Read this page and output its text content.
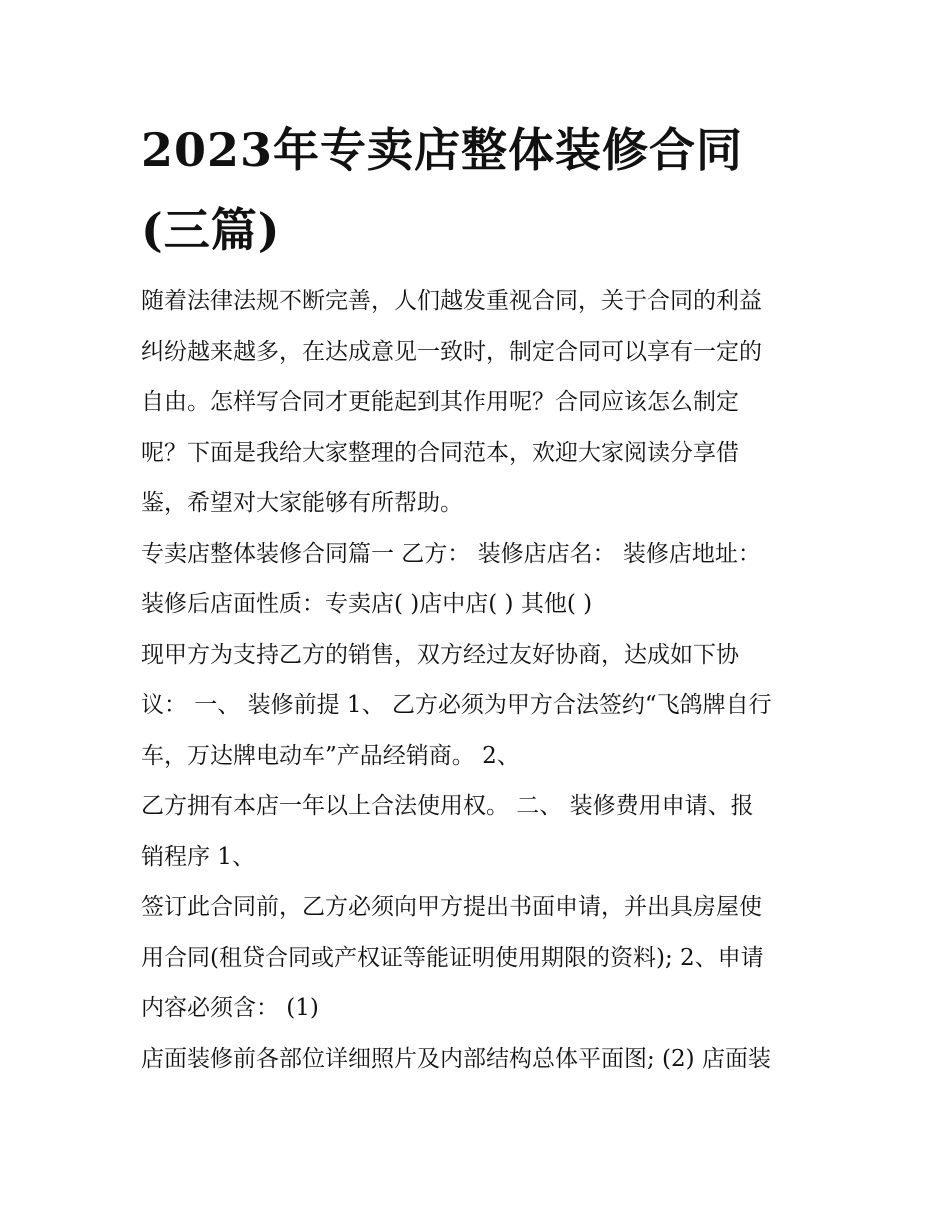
2023年专卖店整体装修合同
(三篇)

随着法律法规不断完善，人们越发重视合同，关于合同的利益
纠纷越来越多，在达成意见一致时，制定合同可以享有一定的
自由。怎样写合同才更能起到其作用呢？合同应该怎么制定
呢？下面是我给大家整理的合同范本，欢迎大家阅读分享借
鉴，希望对大家能够有所帮助。

专卖店整体装修合同篇一 乙方： 装修店店名： 装修店地址：
装修后店面性质：专卖店( )店中店( ) 其他( )

现甲方为支持乙方的销售，双方经过友好协商，达成如下协
议： 一、 装修前提 1、 乙方必须为甲方合法签约“飞鸽牌自行
车，万达牌电动车”产品经销商。 2、

乙方拥有本店一年以上合法使用权。 二、 装修费用申请、报
销程序 1、

签订此合同前，乙方必须向甲方提出书面申请，并出具房屋使
用合同(租贷合同或产权证等能证明使用期限的资料); 2、申请
内容必须含： (1)

店面装修前各部位详细照片及内部结构总体平面图; (2) 店面装
